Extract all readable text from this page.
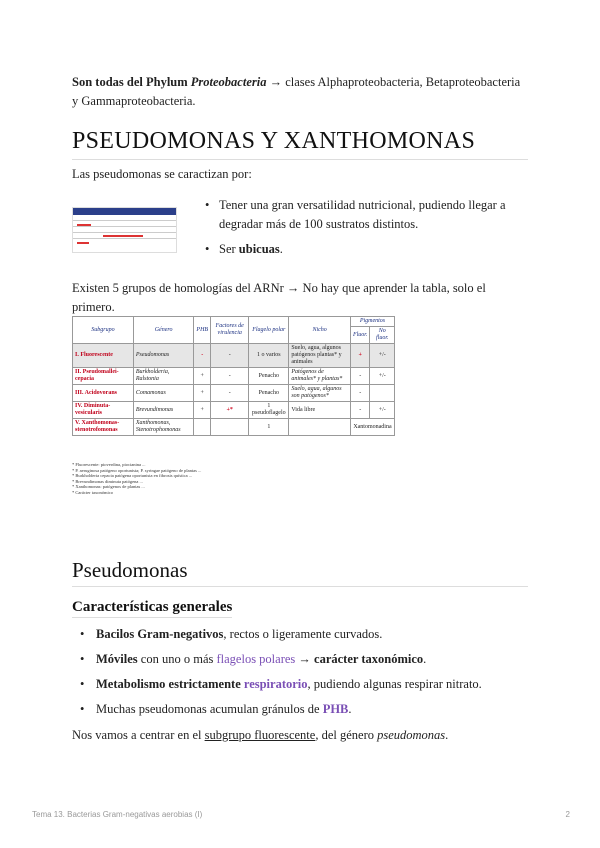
Son todas del Phylum Proteobacteria → clases Alphaproteobacteria, Betaproteobacteria y Gammaproteobacteria.

PSEUDOMONAS Y XANTHOMONAS

Las pseudomonas se caractizan por:

• Tener una gran versatilidad nutricional, pudiendo llegar a degradar más de 100 sustratos distintos.
• Ser ubicuas.

Existen 5 grupos de homologías del ARNr → No hay que aprender la tabla, solo el primero.

Subgrupo	Género	PHB	Factores de virulencia	Flagelo polar	Nicho	Pigmentos	
						Fluor.	No fluor.
I. Fluorescente	Pseudomonas	-	-	1 o varios	Suelo, agua, algunos patógenos plantas* y animales	+	+/-
II. Pseudomallei-cepacia	Burkholderia, Ralstonia	+	-	Penacho	Patógenos de animales* y plantas*	-	+/-
III. Acidovorans	Comamonas	+	-	Penacho	Suelo, agua, algunos son patógenos*	-	
IV. Diminuta-vesicularis	Brevundimonas	+	+*	1 pseudoflagelo	Vida libre	-	+/-
V. Xanthomonas-stenotrofomonas	Xanthomonas, Stenotrophomonas			1		Xantomonadina	
* Fluorescente: pioverdina, piocianina ...
* P. aeruginosa patógeno oportunista; P. syringae patógeno de plantas ...
* Burkholderia cepacia patógena oportunista en fibrosis quística ...
* Brevundimonas diminuta patógena ...
* Xanthomonas: patógenos de plantas ...
* Carácter taxonómico
Pseudomonas
Características generales
• Bacilos Gram-negativos, rectos o ligeramente curvados.
• Móviles con uno o más flagelos polares → carácter taxonómico.
• Metabolismo estrictamente respiratorio, pudiendo algunas respirar nitrato.
• Muchas pseudomonas acumulan gránulos de PHB.

Nos vamos a centrar en el subgrupo fluorescente, del género pseudomonas.

Tema 13. Bacterias Gram-negativas aerobias (I)	2
